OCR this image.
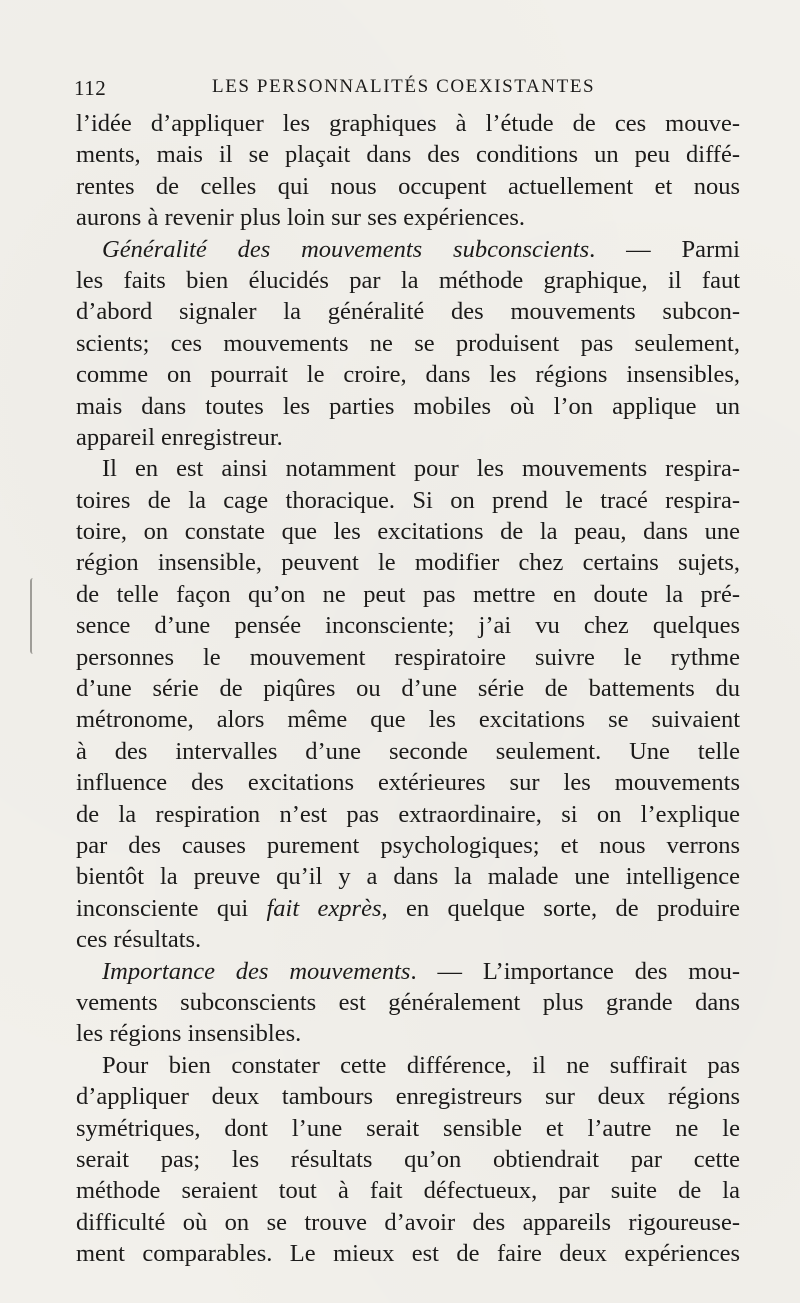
112	LES PERSONNALITÉS COEXISTANTES
l’idée d’appliquer les graphiques à l’étude de ces mouve-
ments, mais il se plaçait dans des conditions un peu diffé-
rentes de celles qui nous occupent actuellement et nous
aurons à revenir plus loin sur ses expériences.
Généralité des mouvements subconscients. — Parmi
les faits bien élucidés par la méthode graphique, il faut
d’abord signaler la généralité des mouvements subcon-
scients; ces mouvements ne se produisent pas seulement,
comme on pourrait le croire, dans les régions insensibles,
mais dans toutes les parties mobiles où l’on applique un
appareil enregistreur.
Il en est ainsi notamment pour les mouvements respira-
toires de la cage thoracique. Si on prend le tracé respira-
toire, on constate que les excitations de la peau, dans une
région insensible, peuvent le modifier chez certains sujets,
de telle façon qu’on ne peut pas mettre en doute la pré-
sence d’une pensée inconsciente; j’ai vu chez quelques
personnes le mouvement respiratoire suivre le rythme
d’une série de piqûres ou d’une série de battements du
métronome, alors même que les excitations se suivaient
à des intervalles d’une seconde seulement. Une telle
influence des excitations extérieures sur les mouvements
de la respiration n’est pas extraordinaire, si on l’explique
par des causes purement psychologiques; et nous verrons
bientôt la preuve qu’il y a dans la malade une intelligence
inconsciente qui fait exprès, en quelque sorte, de produire
ces résultats.
Importance des mouvements. — L’importance des mou-
vements subconscients est généralement plus grande dans
les régions insensibles.
Pour bien constater cette différence, il ne suffirait pas
d’appliquer deux tambours enregistreurs sur deux régions
symétriques, dont l’une serait sensible et l’autre ne le
serait pas; les résultats qu’on obtiendrait par cette
méthode seraient tout à fait défectueux, par suite de la
difficulté où on se trouve d’avoir des appareils rigoureuse-
ment comparables. Le mieux est de faire deux expériences
